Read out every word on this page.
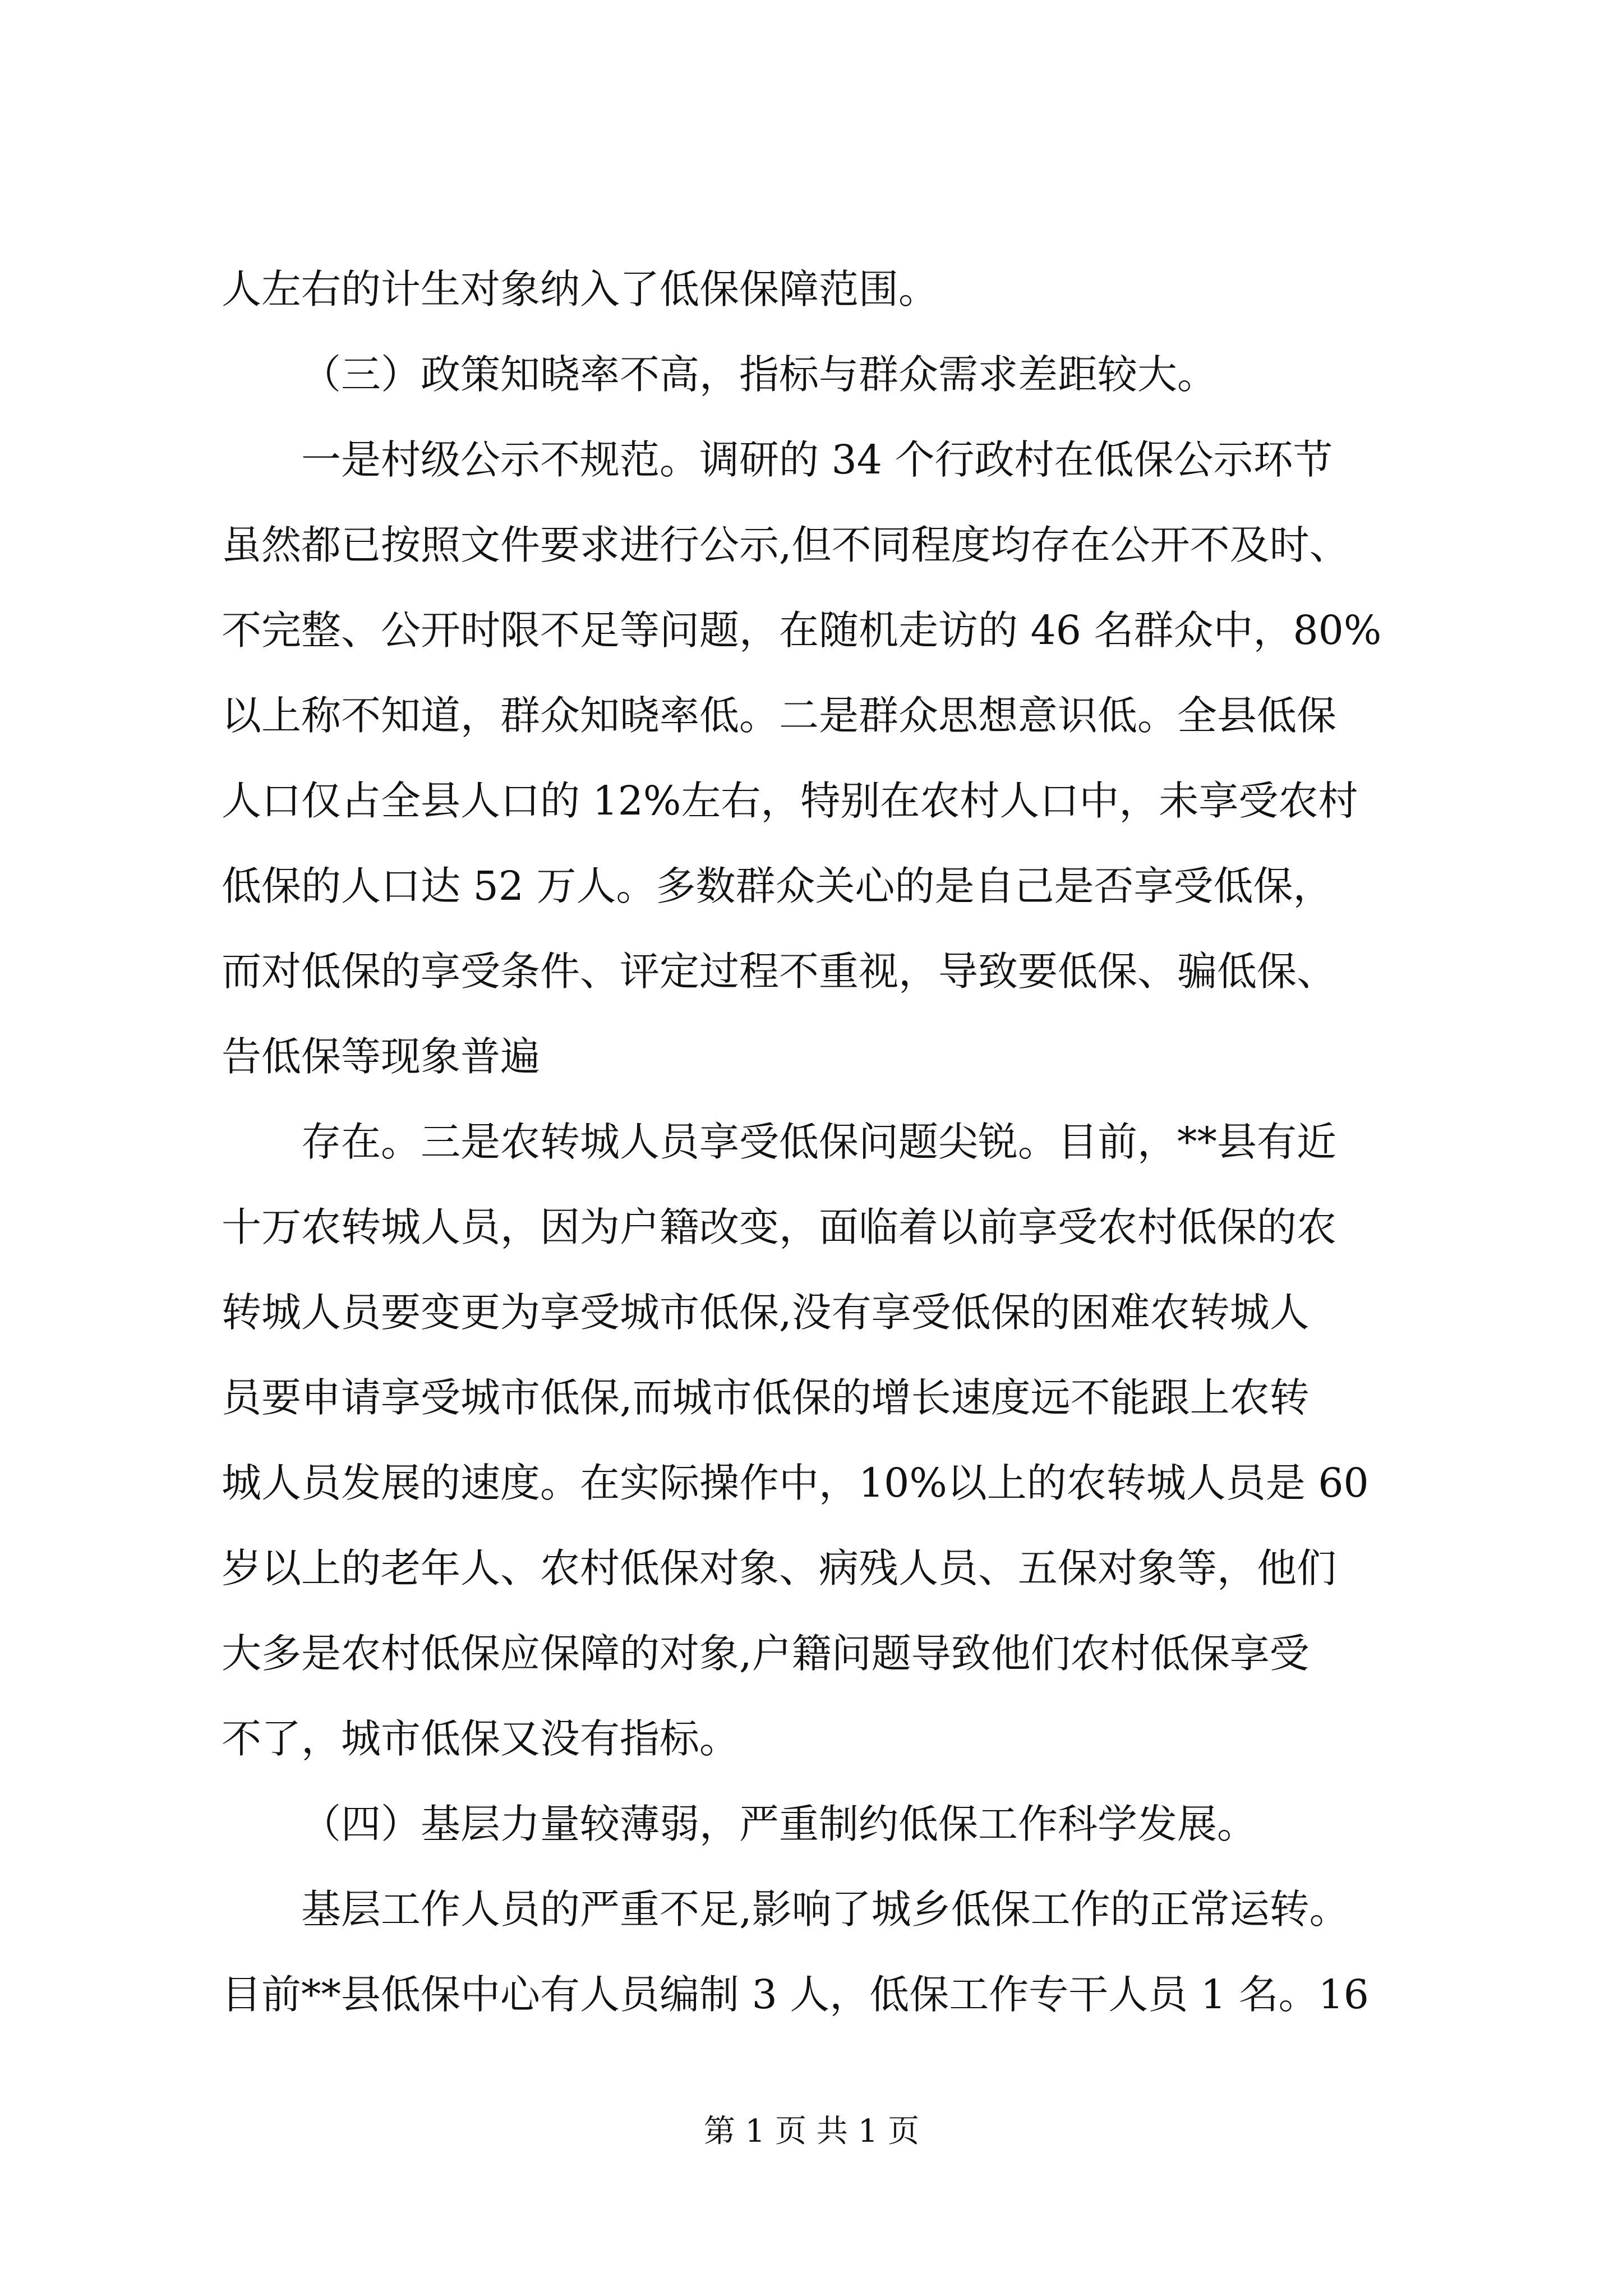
人左右的计生对象纳入了低保保障范围。
（三）政策知晓率不高，指标与群众需求差距较大。
一是村级公示不规范。调研的 34 个行政村在低保公示环节
虽然都已按照文件要求进行公示,但不同程度均存在公开不及时、
不完整、公开时限不足等问题，在随机走访的 46 名群众中，80%
以上称不知道，群众知晓率低。二是群众思想意识低。全县低保
人口仅占全县人口的 12%左右，特别在农村人口中，未享受农村
低保的人口达 52 万人。多数群众关心的是自己是否享受低保，
而对低保的享受条件、评定过程不重视，导致要低保、骗低保、
告低保等现象普遍
存在。三是农转城人员享受低保问题尖锐。目前，**县有近
十万农转城人员，因为户籍改变，面临着以前享受农村低保的农
转城人员要变更为享受城市低保,没有享受低保的困难农转城人
员要申请享受城市低保,而城市低保的增长速度远不能跟上农转
城人员发展的速度。在实际操作中，10%以上的农转城人员是 60
岁以上的老年人、农村低保对象、病残人员、五保对象等，他们
大多是农村低保应保障的对象,户籍问题导致他们农村低保享受
不了，城市低保又没有指标。
（四）基层力量较薄弱，严重制约低保工作科学发展。
基层工作人员的严重不足,影响了城乡低保工作的正常运转。
目前**县低保中心有人员编制 3 人，低保工作专干人员 1 名。16
第 1 页 共 1 页
